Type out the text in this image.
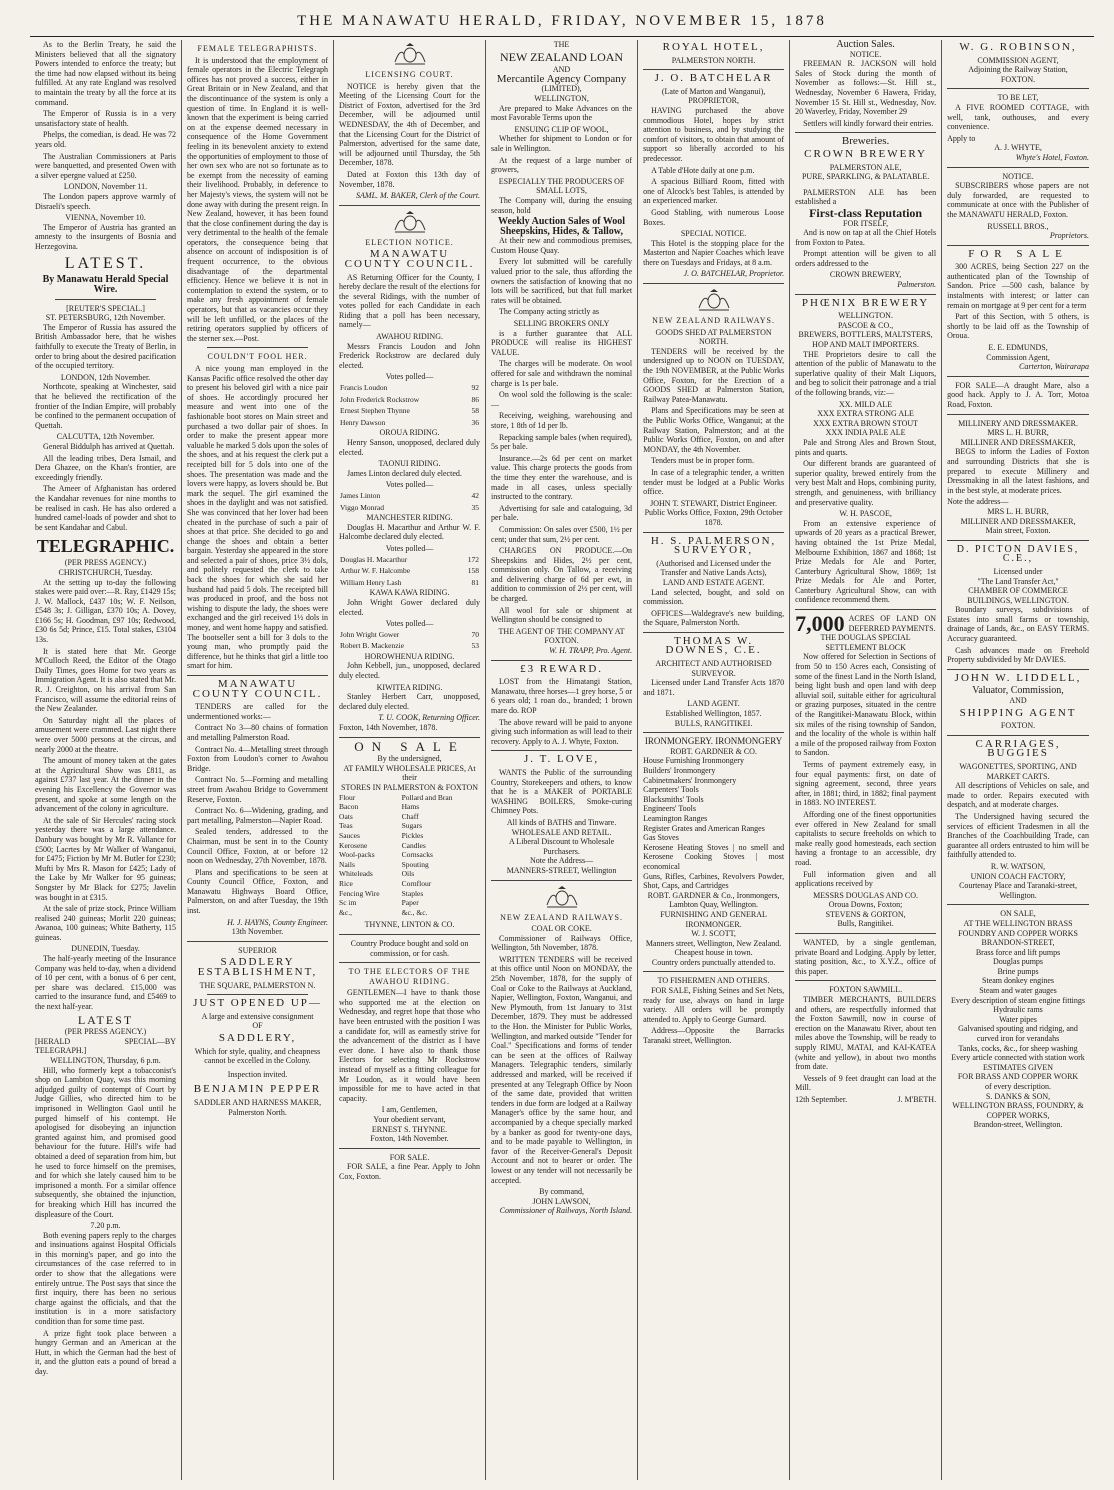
THE MANAWATU HERALD, FRIDAY, NOVEMBER 15, 1878

As to the Berlin Treaty, he said the Ministers believed that all the signatory Powers intended to enforce the treaty; but the time had now elapsed without its being fulfilled. At any rate England was resolved to maintain the treaty by all the force at its command.

The Emperor of Russia is in a very unsatisfactory state of health.

Phelps, the comedian, is dead. He was 72 years old.

The Australian Commissioners at Paris were banquetted, and presented Owen with a silver epergne valued at £250.

LONDON, November 11.

The London papers approve warmly of Disraeli's speech.

VIENNA, November 10.

The Emperor of Austria has granted an amnesty to the insurgents of Bosnia and Herzegovina.

LATEST.
By Manawatu Herald Special Wire.
[REUTER'S SPECIAL.]
ST. PETERSBURG, 12th November.

The Emperor of Russia has assured the British Ambassador here, that he wishes faithfully to execute the Treaty of Berlin, in order to bring about the desired pacification of the occupied territory.

LONDON, 12th November.

Northcote, speaking at Winchester, said that he believed the rectification of the frontier of the Indian Empire, will probably be confined to the permanent occupation of Quettah.

CALCUTTA, 12th November.

General Biddulph has arrived at Quettah.

All the leading tribes, Dera Ismail, and Dera Ghazee, on the Khan's frontier, are exceedingly friendly.

The Ameer of Afghanistan has ordered the Kandahar revenues for nine months to be realised in cash. He has also ordered a hundred camel-loads of powder and shot to be sent Kandahar and Cabul.

TELEGRAPHIC.
(PER PRESS AGENCY.)
CHRISTCHURCH, Tuesday.

At the setting up to-day the following stakes were paid over:—R. Ray, £1429 15s; J. W. Mallock, £437 10s; W. F. Neilson, £548 3s; J. Gilligan, £370 10s; A. Dovey, £166 5s; H. Goodman, £97 10s; Redwood, £30 6s 5d; Prince, £15. Total stakes, £3104 13s.

It is stated here that Mr. George M'Culloch Reed, the Editor of the Otago Daily Times, goes Home for two years as Immigration Agent. It is also stated that Mr. R. J. Creighton, on his arrival from San Francisco, will assume the editorial reins of the New Zealander.

On Saturday night all the places of amusement were crammed. Last night there were over 5000 persons at the circus, and nearly 2000 at the theatre.

The amount of money taken at the gates at the Agricultural Show was £811, as against £737 last year. At the dinner in the evening his Excellency the Governor was present, and spoke at some length on the advancement of the colony in agriculture.

At the sale of Sir Hercules' racing stock yesterday there was a large attendance. Danbury was bought by Mr R. Vallance for £500; Lacrtes by Mr Walker of Wanganui, for £475; Fiction by Mr M. Butler for £230; Mufti by Mrs R. Mason for £425; Lady of the Lake by Mr Walker for 95 guineas; Songster by Mr Black for £275; Javelin was bought in at £315.

At the sale of prize stock, Prince William realised 240 guineas; Morlit 220 guineas; Awanoa, 100 guineas; White Batherty, 115 guineas.

DUNEDIN, Tuesday.

The half-yearly meeting of the Insurance Company was held to-day, when a dividend of 10 per cent, with a bonus of 6 per cent, per share was declared. £15,000 was carried to the insurance fund, and £5469 to the next half-year.

LATEST
(PER PRESS AGENCY.)
[HERALD SPECIAL—BY TELEGRAPH.]
WELLINGTON, Thursday, 6 p.m.

Hill, who formerly kept a tobacconist's shop on Lambton Quay, was this morning adjudged guilty of contempt of Court by Judge Gillies, who directed him to be imprisoned in Wellington Gaol until he purged himself of his contempt. He apologised for disobeying an injunction granted against him, and promised good behaviour for the future. Hill's wife had obtained a deed of separation from him, but he used to force himself on the premises, and for which she lately caused him to be imprisoned a month. For a similar offence subsequently, she obtained the injunction, for breaking which Hill has incurred the displeasure of the Court.

7.20 p.m.

Both evening papers reply to the charges and insinuations against Hospital Officials in this morning's paper, and go into the circumstances of the case referred to in order to show that the allegations were entirely untrue. The Post says that since the first inquiry, there has been no serious charge against the officials, and that the institution is in a more satisfactory condition than for some time past.

A prize fight took place between a hungry German and an American at the Hutt, in which the German had the best of it, and the glutton eats a pound of bread a day.

FEMALE TELEGRAPHISTS.

It is understood that the employment of female operators in the Electric Telegraph offices has not proved a success, either in Great Britain or in New Zealand, and that the discontinuance of the system is only a question of time. In England it is well-known that the experiment is being carried on at the expense deemed necessary in consequence of the Home Government feeling in its benevolent anxiety to extend the opportunities of employment to those of her own sex who are not so fortunate as to be exempt from the necessity of earning their livelihood. Probably, in deference to her Majesty's views, the system will not be done away with during the present reign. In New Zealand, however, it has been found that the close confinement during the day is very detrimental to the health of the female operators, the consequence being that absence on account of indisposition is of frequent occurrence, to the obvious disadvantage of the departmental efficiency. Hence we believe it is not in contemplation to extend the system, or to make any fresh appointment of female operators, but that as vacancies occur they will be left unfilled, or the places of the retiring operators supplied by officers of the sterner sex.—Post.

COULDN'T FOOL HER.

A nice young man employed in the Kansas Pacific office resolved the other day to present his beloved girl with a nice pair of shoes. He accordingly procured her measure and went into one of the fashionable boot stores on Main street and purchased a two dollar pair of shoes. In order to make the present appear more valuable he marked 5 dols upon the soles of the shoes, and at his request the clerk put a receipted bill for 5 dols into one of the shoes. The presentation was made and the lovers were happy, as lovers should be. But mark the sequel. The girl examined the shoes in the daylight and was not satisfied. She was convinced that her lover had been cheated in the purchase of such a pair of shoes at that price. She decided to go and change the shoes and obtain a better bargain. Yesterday she appeared in the store and selected a pair of shoes, price 3½ dols, and politely requested the clerk to take back the shoes for which she said her husband had paid 5 dols. The receipted bill was produced in proof, and the boss not wishing to dispute the lady, the shoes were exchanged and the girl received 1½ dols in money, and went home happy and satisfied. The bootseller sent a bill for 3 dols to the young man, who promptly paid the difference, but he thinks that girl a little too smart for him.

MANAWATU COUNTY COUNCIL.

TENDERS are called for the undermentioned works:—

Contract No 3—80 chains of formation and metalling Palmerston Road.

Contract No. 4—Metalling street through Foxton from Loudon's corner to Awahou Bridge.

Contract No. 5—Forming and metalling street from Awahou Bridge to Government Reserve, Foxton.

Contract No. 6—Widening, grading, and part metalling, Palmerston—Napier Road.

Sealed tenders, addressed to the Chairman, must be sent in to the County Council Office, Foxton, at or before 12 noon on Wednesday, 27th November, 1878.

Plans and specifications to be seen at County Council Office, Foxton, and Manawatu Highways Board Office, Palmerston, on and after Tuesday, the 19th inst.

H. J. HAYNS, County Engineer.
13th November.
SUPERIOR
SADDLERY ESTABLISHMENT,
THE SQUARE, PALMERSTON N.
JUST OPENED UP—
A large and extensive consignment
OF
SADDLERY,
Which for style, quality, and cheapness cannot be excelled in the Colony.
Inspection invited.
BENJAMIN PEPPER
SADDLER AND HARNESS MAKER,
Palmerston North.
LICENSING COURT.

NOTICE is hereby given that the Meeting of the Licensing Court for the District of Foxton, advertised for the 3rd December, will be adjourned until WEDNESDAY, the 4th of December, and that the Licensing Court for the District of Palmerston, advertised for the same date, will be adjourned until Thursday, the 5th December, 1878.

Dated at Foxton this 13th day of November, 1878.

SAML. M. BAKER, Clerk of the Court.
ELECTION NOTICE.
MANAWATU COUNTY COUNCIL.

AS Returning Officer for the County, I hereby declare the result of the elections for the several Ridings, with the number of votes polled for each Candidate in each Riding that a poll has been necessary, namely—

AWAHOU RIDING.

Messrs Francis Loudon and John Frederick Rockstrow are declared duly elected.

Votes polled—
Francis Loudon	92
John Frederick Rockstrow	86
Ernest Stephen Thynne	58
Henry Dawson	36
OROUA RIDING.

Henry Sanson, unopposed, declared duly elected.

TAONUI RIDING.

James Linton declared duly elected.

Votes polled—
James Linton	42
Viggo Monrad	35
MANCHESTER RIDING.

Douglas H. Macarthur and Arthur W. F. Halcombe declared duly elected.

Votes polled—
Douglas H. Macarthur	172
Arthur W. F. Halcombe	158
William Henry Lash	81
KAWA KAWA RIDING.

John Wright Gower declared duly elected.

Votes polled—
John Wright Gower	70
Robert B. Mackenzie	53
HOROWHENUA RIDING.

John Kebbell, jun., unopposed, declared duly elected.

KIWITEA RIDING.

Stanley Herbert Carr, unopposed, declared duly elected.

T. U. COOK, Returning Officer.
Foxton, 14th November, 1878.
ON SALE
By the undersigned,
AT FAMILY WHOLESALE PRICES, At their
STORES IN PALMERSTON & FOXTON
Flour	Pollard and Bran
Bacon	Hams
Oats	Chaff
Teas	Sugars
Sauces	Pickles
Kerosene	Candles
Wool-packs	Cornsacks
Nails	Spouting
Whiteleads	Oils
Rice	Cornflour
Fencing Wire	Staples
Sc im	Paper
&c.,	&c., &c.
THYNNE, LINTON & CO.
Country Produce bought and sold on commission, or for cash.
TO THE ELECTORS OF THE AWAHOU RIDING.

GENTLEMEN—I have to thank those who supported me at the election on Wednesday, and regret hope that those who have been entrusted with the position I was a candidate for, will as earnestly strive for the advancement of the district as I have ever done. I have also to thank those Electors for selecting Mr Rockstrow instead of myself as a fitting colleague for Mr Loudon, as it would have been impossible for me to have acted in that capacity.

I am, Gentlemen,
Your obedient servant,
ERNEST S. THYNNE.
Foxton, 14th November.
FOR SALE.

FOR SALE, a fine Pear. Apply to John Cox, Foxton.

THE
NEW ZEALAND LOAN
AND
Mercantile Agency Company
(LIMITED),
WELLINGTON,

Are prepared to Make Advances on the most Favorable Terms upon the

ENSUING CLIP OF WOOL,

Whether for shipment to London or for sale in Wellington.

At the request of a large number of growers,

ESPECIALLY THE PRODUCERS OF SMALL LOTS,

The Company will, during the ensuing season, hold

Weekly Auction Sales of Wool Sheepskins, Hides, & Tallow,

At their new and commodious premises, Custom House Quay.

Every lot submitted will be carefully valued prior to the sale, thus affording the owners the satisfaction of knowing that no lots will be sacrificed, but that full market rates will be obtained.

The Company acting strictly as

SELLING BROKERS ONLY

is a further guarantee that ALL PRODUCE will realise its HIGHEST VALUE.

The charges will be moderate. On wool offered for sale and withdrawn the nominal charge is 1s per bale.

On wool sold the following is the scale:—

Receiving, weighing, warehousing and store, 1 8th of 1d per lb.

Repacking sample bales (when required), 5s per bale.

Insurance.—2s 6d per cent on market value. This charge protects the goods from the time they enter the warehouse, and is made in all cases, unless specially instructed to the contrary.

Advertising for sale and cataloguing, 3d per bale.

Commission: On sales over £500, 1½ per cent; under that sum, 2½ per cent.

CHARGES ON PRODUCE.—On Sheepskins and Hides, 2½ per cent, commission only. On Tallow, a receiving and delivering charge of 6d per ewt, in addition to commission of 2½ per cent, will be charged.

All wool for sale or shipment at Wellington should be consigned to

THE AGENT OF THE COMPANY AT FOXTON.
W. H. TRAPP, Pro. Agent.
£3 REWARD.

LOST from the Himatangi Station, Manawatu, three horses—1 grey horse, 5 or 6 years old; 1 roan do., branded; 1 brown mare do. ROP

The above reward will be paid to anyone giving such information as will lead to their recovery. Apply to A. J. Whyte, Foxton.

J. T. LOVE,

WANTS the Public of the surrounding Country, Storekeepers and others, to know that he is a MAKER of PORTABLE WASHING BOILERS, Smoke-curing Chimney Pots.

All kinds of BATHS and Tinware.
WHOLESALE AND RETAIL.
A Liberal Discount to Wholesale Purchasers.
Note the Address—
MANNERS-STREET, Wellington
NEW ZEALAND RAILWAYS.
COAL OR COKE.

Commissioner of Railways Office, Wellington, 5th November, 1878.

WRITTEN TENDERS will be received at this office until Noon on MONDAY, the 25th November, 1878, for the supply of Coal or Coke to the Railways at Auckland, Napier, Wellington, Foxton, Wanganui, and New Plymouth, from 1st January to 31st December, 1879. They must be addressed to the Hon. the Minister for Public Works, Wellington, and marked outside "Tender for Coal." Specifications and forms of tender can be seen at the offices of Railway Managers. Telegraphic tenders, similarly addressed and marked, will be received if presented at any Telegraph Office by Noon of the same date, provided that written tenders in due form are lodged at a Railway Manager's office by the same hour, and accompanied by a cheque specially marked by a banker as good for twenty-one days, and to be made payable to Wellington, in favor of the Receiver-General's Deposit Account and not to bearer or order. The lowest or any tender will not necessarily be accepted.

By command,
JOHN LAWSON,
Commissioner of Railways, North Island.
ROYAL HOTEL,
PALMERSTON NORTH.
J. O. BATCHELAR
(Late of Marton and Wanganui),
PROPRIETOR,

HAVING purchased the above commodious Hotel, hopes by strict attention to business, and by studying the comfort of visitors, to obtain that amount of support so liberally accorded to his predecessor.

A Table d'Hote daily at one p.m.

A spacious Billiard Room, fitted with one of Alcock's best Tables, is attended by an experienced marker.

Good Stabling, with numerous Loose Boxes.

SPECIAL NOTICE.

This Hotel is the stopping place for the Masterton and Napier Coaches which leave there on Tuesdays and Fridays, at 8 a.m.

J. O. BATCHELAR, Proprietor.
NEW ZEALAND RAILWAYS.
GOODS SHED AT PALMERSTON NORTH.

TENDERS will be received by the undersigned up to NOON on TUESDAY, the 19th NOVEMBER, at the Public Works Office, Foxton, for the Erection of a GOODS SHED at Palmerston Station, Railway Patea-Manawatu.

Plans and Specifications may be seen at the Public Works Office, Wanganui; at the Railway Station, Palmerston; and at the Public Works Office, Foxton, on and after MONDAY, the 4th November.

Tenders must be in proper form.

In case of a telegraphic tender, a written tender must be lodged at a Public Works office.

JOHN T. STEWART, District Engineer.
Public Works Office, Foxton, 29th October 1878.
H. S. PALMERSON, SURVEYOR,
(Authorised and Licensed under the Transfer and Native Lands Acts),
LAND AND ESTATE AGENT.

Land selected, bought, and sold on commission.

OFFICES—Waldegrave's new building, the Square, Palmerston North.

THOMAS W. DOWNES, C.E.
ARCHITECT AND AUTHORISED SURVEYOR.

Licensed under Land Transfer Acts 1870 and 1871.

LAND AGENT.
Established Wellington, 1857.
BULLS, RANGITIKEI.
IRONMONGERY. IRONMONGERY
ROBT. GARDNER & CO.
House Furnishing Ironmongery
Builders' Ironmongery
Cabinetmakers' Ironmongery
Carpenters' Tools
Blacksmiths' Tools
Engineers' Tools
Leamington Ranges
Register Grates and American Ranges
Gas Stoves
Kerosene Heating Stoves | no smell and Kerosene Cooking Stoves | most economical
Guns, Rifles, Carbines, Revolvers Powder, Shot, Caps, and Cartridges
ROBT. GARDNER & Co., Ironmongers, Lambton Quay, Wellington.
FURNISHING AND GENERAL IRONMONGER.
W. J. SCOTT,
Manners street, Wellington, New Zealand.
Cheapest house in town.
Country orders punctually attended to.
TO FISHERMEN AND OTHERS.

FOR SALE, Fishing Seines and Set Nets, ready for use, always on hand in large variety. All orders will be promptly attended to. Apply to George Gurnard.

Address—Opposite the Barracks Taranaki street, Wellington.

Auction Sales.
NOTICE.

FREEMAN R. JACKSON will hold Sales of Stock during the month of November as follows:—St. Hill st., Wednesday, November 6 Hawera, Friday, November 15 St. Hill st., Wednesday, Nov. 20 Waverley, Friday, November 29

Settlers will kindly forward their entries.

Breweries.
CROWN BREWERY
PALMERSTON ALE,
PURE, SPARKLING, & PALATABLE.

PALMERSTON ALE has been established a

First-class Reputation
FOR ITSELF,

And is now on tap at all the Chief Hotels from Foxton to Patea.

Prompt attention will be given to all orders addressed to the

CROWN BREWERY,
Palmerston.
PHŒNIX BREWERY
WELLINGTON.
PASCOE & CO.,
BREWERS, BOTTLERS, MALTSTERS, HOP AND MALT IMPORTERS.

THE Proprietors desire to call the attention of the public of Manawatu to the superlative quality of their Malt Liquors, and beg to solicit their patronage and a trial of the following brands, viz:—

XX. MILD ALE
XXX EXTRA STRONG ALE
XXX EXTRA BROWN STOUT
XXX INDIA PALE ALE

Pale and Strong Ales and Brown Stout, pints and quarts.

Our different brands are guaranteed of superior quality, brewed entirely from the very best Malt and Hops, combining purity, strength, and genuineness, with brilliancy and preservative quality.

W. H. PASCOE,

From an extensive experience of upwards of 20 years as a practical Brewer, having obtained the 1st Prize Medal, Melbourne Exhibition, 1867 and 1868; 1st Prize Medals for Ale and Porter, Canterbury Agricultural Show, 1869; 1st Prize Medals for Ale and Porter, Canterbury Agricultural Show, can with confidence recommend them.

7,000 ACRES OF LAND ON DEFERRED PAYMENTS.
THE DOUGLAS SPECIAL SETTLEMENT BLOCK

Now offered for Selection in Sections of from 50 to 150 Acres each, Consisting of some of the finest Land in the North Island, being light bush and open land with deep alluvial soil, suitable either for agricultural or grazing purposes, situated in the centre of the Rangitikei-Manawatu Block, within six miles of the rising township of Sandon, and the locality of the whole is within half a mile of the proposed railway from Foxton to Sandon.

Terms of payment extremely easy, in four equal payments: first, on date of signing agreement, second, three years after, in 1881; third, in 1882; final payment in 1883. NO INTEREST.

Affording one of the finest opportunities ever offered in New Zealand for small capitalists to secure freeholds on which to make really good homesteads, each section having a frontage to an accessible, dry road.

Full information given and all applications received by

MESSRS DOUGLAS AND CO.
Oroua Downs, Foxton;
STEVENS & GORTON,
Bulls, Rangitikei.

WANTED, by a single gentleman, private Board and Lodging. Apply by letter, stating position, &c., to X.Y.Z., office of this paper.

FOXTON SAWMILL.

TIMBER MERCHANTS, BUILDERS and others, are respectfully informed that the Foxton Sawmill, now in course of erection on the Manawatu River, about ten miles above the Township, will be ready to supply RIMU, MATAI, and KAI-KATEA (white and yellow), in about two months from date.

Vessels of 9 feet draught can load at the Mill.

12th September.	J. M'BETH.
W. G. ROBINSON,
COMMISSION AGENT,
Adjoining the Railway Station,
FOXTON.
TO BE LET,

A FIVE ROOMED COTTAGE, with well, tank, outhouses, and every convenience.

Apply to
A. J. WHYTE,
Whyte's Hotel, Foxton.
NOTICE.

SUBSCRIBERS whose papers are not duly forwarded, are requested to communicate at once with the Publisher of the MANAWATU HERALD, Foxton.

RUSSELL BROS.,
Proprietors.
FOR SALE

300 ACRES, being Section 227 on the authenticated plan of the Township of Sandon. Price —500 cash, balance by instalments with interest; or latter can remain on mortgage at 9 per cent for a term

Part of this Section, with 5 others, is shortly to be laid off as the Township of Oroua.

E. E. EDMUNDS,
Commission Agent,
Carterton, Wairarapa

FOR SALE—A draught Mare, also a good hack. Apply to J. A. Torr, Motoa Road, Foxton.

MILLINERY AND DRESSMAKER.
MRS L. H. BURR,
MILLINER AND DRESSMAKER,

BEGS to inform the Ladies of Foxton and surrounding Districts that she is prepared to execute Millinery and Dressmaking in all the latest fashions, and in the best style, at moderate prices.

Note the address—
MRS L. H. BURR,
MILLINER AND DRESSMAKER,
Main street, Foxton.
D. PICTON DAVIES, C.E.,
Licensed under
"The Land Transfer Act,"
CHAMBER OF COMMERCE BUILDINGS, WELLINGTON.

Boundary surveys, subdivisions of Estates into small farms or township, drainage of Lands, &c., on EASY TERMS. Accuracy guaranteed.

Cash advances made on Freehold Property subdivided by Mr DAVIES.

JOHN W. LIDDELL,
Valuator, Commission,
AND
SHIPPING AGENT
FOXTON.
CARRIAGES, BUGGIES
WAGONETTES, SPORTING, AND MARKET CARTS.

All descriptions of Vehicles on sale, and made to order. Repairs executed with despatch, and at moderate charges.

The Undersigned having secured the services of efficient Tradesmen in all the Branches of the Coachbuilding Trade, can guarantee all orders entrusted to him will be faithfully attended to.

R. W. WATSON,
UNION COACH FACTORY,
Courtenay Place and Taranaki-street, Wellington.
ON SALE,
AT THE WELLINGTON BRASS FOUNDRY AND COPPER WORKS
BRANDON-STREET,
Brass force and lift pumps
Douglas pumps
Brine pumps
Steam donkey engines
Steam and water gauges
Every description of steam engine fittings
Hydraulic rams
Water pipes
Galvanised spouting and ridging, and curved iron for verandahs
Tanks, cocks, &c., for sheep washing
Every article connected with station work
ESTIMATES GIVEN
FOR BRASS AND COPPER WORK
of every description.
S. DANKS & SON,
WELLINGTON BRASS, FOUNDRY, & COPPER WORKS,
Brandon-street, Wellington.
